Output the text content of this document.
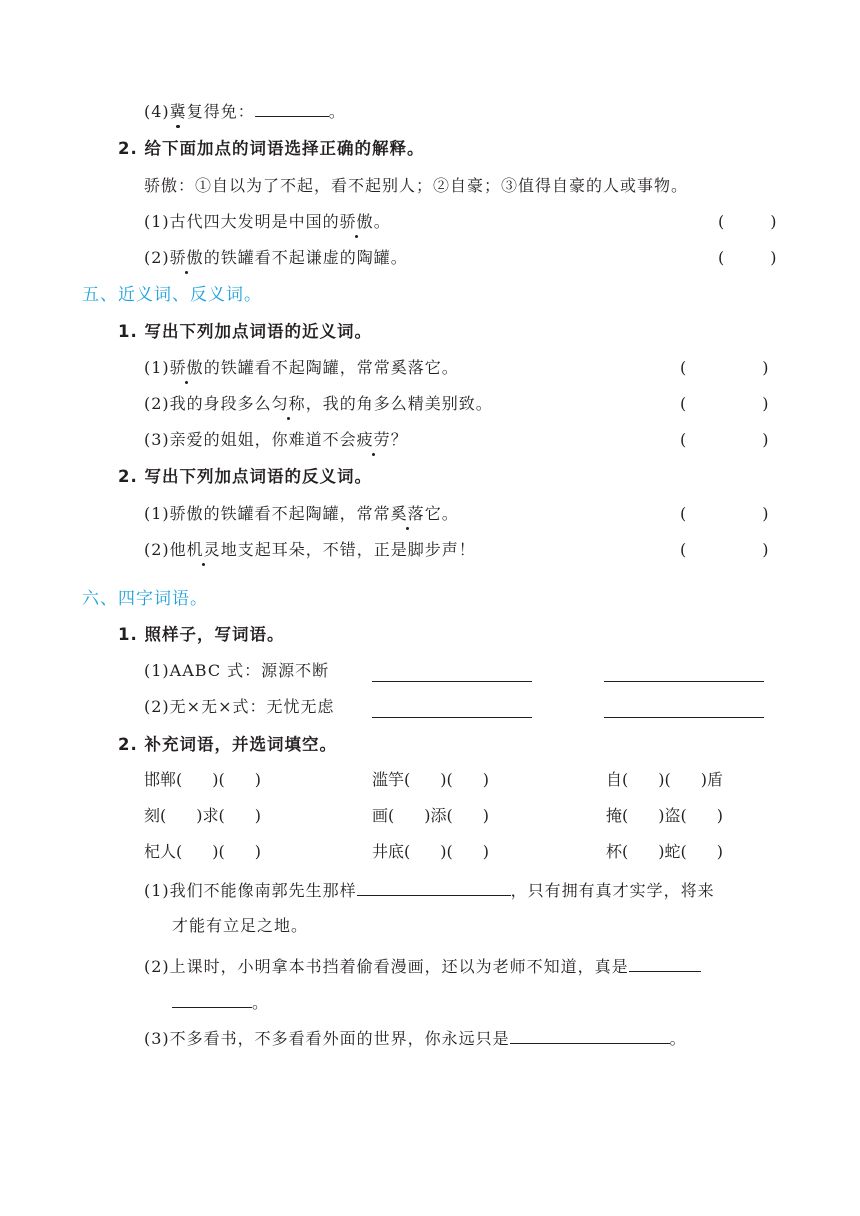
(4)冀复得免：	。
2. 给下面加点的词语选择正确的解释。
骄傲：①自以为了不起，看不起别人；②自豪；③值得自豪的人或事物。
(1)古代四大发明是中国的骄傲。	(	)
(2)骄傲的铁罐看不起谦虚的陶罐。	(	)
五、近义词、反义词。
1. 写出下列加点词语的近义词。
(1)骄傲的铁罐看不起陶罐，常常奚落它。	(	)
(2)我的身段多么匀称，我的角多么精美别致。	(	)
(3)亲爱的姐姐，你难道不会疲劳？	(	)
2. 写出下列加点词语的反义词。
(1)骄傲的铁罐看不起陶罐，常常奚落它。	(	)
(2)他机灵地支起耳朵，不错，正是脚步声！	(	)
六、四字词语。
1. 照样子，写词语。
(1)AABC 式：源源不断
(2)无×无×式：无忧无虑
2. 补充词语，并选词填空。
邯郸( )( )	滥竽( )( )	自( )( )盾
刻( )求( )	画( )添( )	掩( )盗( )
杞人( )( )	井底( )( )	杯( )蛇( )
(1)我们不能像南郭先生那样	，只有拥有真才实学，将来
才能有立足之地。
(2)上课时，小明拿本书挡着偷看漫画，还以为老师不知道，真是
。
(3)不多看书，不多看看外面的世界，你永远只是	。
